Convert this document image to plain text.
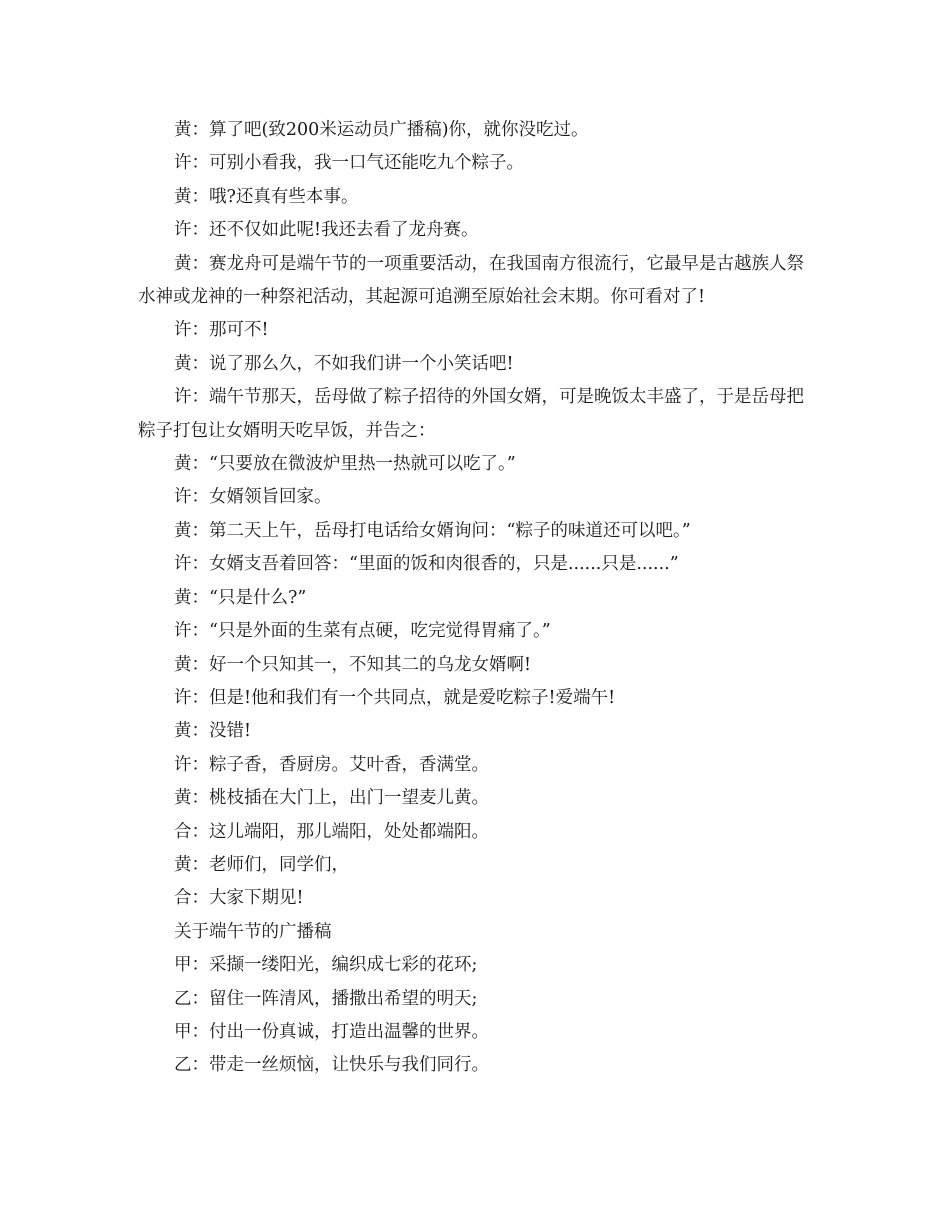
黄：算了吧(致200米运动员广播稿)你，就你没吃过。

许：可别小看我，我一口气还能吃九个粽子。

黄：哦?还真有些本事。

许：还不仅如此呢!我还去看了龙舟赛。

黄：赛龙舟可是端午节的一项重要活动，在我国南方很流行，它最早是古越族人祭水神或龙神的一种祭祀活动，其起源可追溯至原始社会末期。你可看对了!

许：那可不!

黄：说了那么久，不如我们讲一个小笑话吧!

许：端午节那天，岳母做了粽子招待的外国女婿，可是晚饭太丰盛了，于是岳母把粽子打包让女婿明天吃早饭，并告之：

黄：“只要放在微波炉里热一热就可以吃了。”

许：女婿领旨回家。

黄：第二天上午，岳母打电话给女婿询问：“粽子的味道还可以吧。”

许：女婿支吾着回答：“里面的饭和肉很香的，只是......只是......”

黄：“只是什么?”

许：“只是外面的生菜有点硬，吃完觉得胃痛了。”

黄：好一个只知其一，不知其二的乌龙女婿啊!

许：但是!他和我们有一个共同点，就是爱吃粽子!爱端午!

黄：没错!

许：粽子香，香厨房。艾叶香，香满堂。

黄：桃枝插在大门上，出门一望麦儿黄。

合：这儿端阳，那儿端阳，处处都端阳。

黄：老师们，同学们，

合：大家下期见!

关于端午节的广播稿

甲：采撷一缕阳光，编织成七彩的花环;

乙：留住一阵清风，播撒出希望的明天;

甲：付出一份真诚，打造出温馨的世界。

乙：带走一丝烦恼，让快乐与我们同行。
